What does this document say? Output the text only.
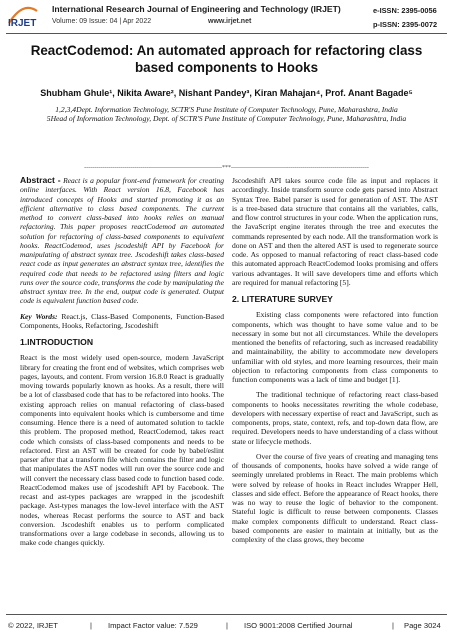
IRJET
International Research Journal of Engineering and Technology (IRJET)
Volume: 09 Issue: 04 | Apr 2022	www.irjet.net
e-ISSN: 2395-0056
p-ISSN: 2395-0072
ReactCodemod: An automated approach for refactoring class based components to Hooks
Shubham Ghule¹, Nikita Aware², Nishant Pandey³, Kiran Mahajan⁴, Prof. Anant Bagade⁵
1,2,3,4Dept. Information Technology, SCTR'S Pune Institute of Computer Technology, Pune, Maharashtra, India
5Head of Information Technology, Dept. of SCTR'S Pune Institute of Computer Technology, Pune, Maharashtra, India
---------------------------------------------------------------------***---------------------------------------------------------------------

Abstract - React is a popular front-end framework for creating online interfaces. With React version 16.8, Facebook has introduced concepts of Hooks and started promoting it as an efficient alternative to class based components. The current method to convert class-based into hooks relies on manual refactoring. This paper proposes reactCodemod an automated solution for refactoring of class-based components to equivalent hooks. ReactCodemod, uses jscodeshift API by Facebook for manipulating of abstract syntax tree. Jscodeshift takes class-based react code as input generates an abstract syntax tree, identifies the required code that needs to be refactored using filters and logic runs over the source code, transforms the code by manipulating the abstract syntax tree. In the end, output code is generated. Output code is equivalent function based code.

Key Words: React.js, Class-Based Components, Function-Based Components, Hooks, Refactoring, Jscodeshift

1.INTRODUCTION

React is the most widely used open-source, modern JavaScript library for creating the front end of websites, which comprises web pages, layouts, and content. From version 16.8.0 React is gradually moving towards popularly known as hooks. As a result, there will be a lot of classbased code that has to be refactored into hooks. The existing approach relies on manual refactoring of class-based components into equivalent hooks which is cumbersome and time consuming. Hence there is a need of automated solution to tackle this problem. The proposed method, ReactCodemod, takes react code which consists of class-based components and needs to be refactored. First an AST will be created for code by babel/eslint parser after that a transform file which contains the filter and logic that manipulates the AST nodes will run over the source code and will convert the necessary class based code to function based code. ReactCodemod makes use of jscodeshift API by Facebook. The recast and ast-types packages are wrapped in the jscodeshift package. Ast-types manages the low-level interface with the AST nodes, whereas Recast performs the source to AST and back conversion. Jscodeshift enables us to perform complicated transformations over a large codebase in seconds, allowing us to make code changes quickly.

Jscodeshift API takes source code file as input and replaces it accordingly. Inside transform source code gets parsed into Abstract Syntax Tree. Babel parser is used for generation of AST. The AST is a tree-based data structure that contains all the variables, calls, and flow control structures in your code. When the application runs, the JavaScript engine iterates through the tree and executes the commands represented by each node. All the transformation work is done on AST and then the altered AST is used to regenerate source code. As opposed to manual refactoring of react class-based code this automated approach ReactCodemod looks promising and offers various advantages. It will save developers time and efforts which are required for manual refactoring [5].

2. LITERATURE SURVEY

Existing class components were refactored into function components, which was thought to have some value and to be necessary in some but not all circumstances. While the developers mentioned the benefits of refactoring, such as increased readability and maintainability, the ability to accommodate new developers unfamiliar with old styles, and more learning resources, their main objection to refactoring components from class components to function components was a lack of time and budget [1].

The traditional technique of refactoring react class-based components to hooks necessitates rewriting the whole codebase, developers with necessary expertise of react and JavaScript, such as components, props, state, context, refs, and top-down data flow, are required. Developers needs to have understanding of a class without state or lifecycle methods.

Over the course of five years of creating and managing tens of thousands of components, hooks have solved a wide range of seemingly unrelated problems in React. The main problems which were solved by release of hooks in React includes Wrapper Hell, classes and side effect. Before the appearance of React hooks, there was no way to reuse the logic of behavior to the component. Stateful logic is difficult to reuse between components. Classes make complex components difficult to understand. React class-based components are easier to maintain at initially, but as the complexity of the class grows, they become

© 2022, IRJET	| Impact Factor value: 7.529	| ISO 9001:2008 Certified Journal	| Page 3024
